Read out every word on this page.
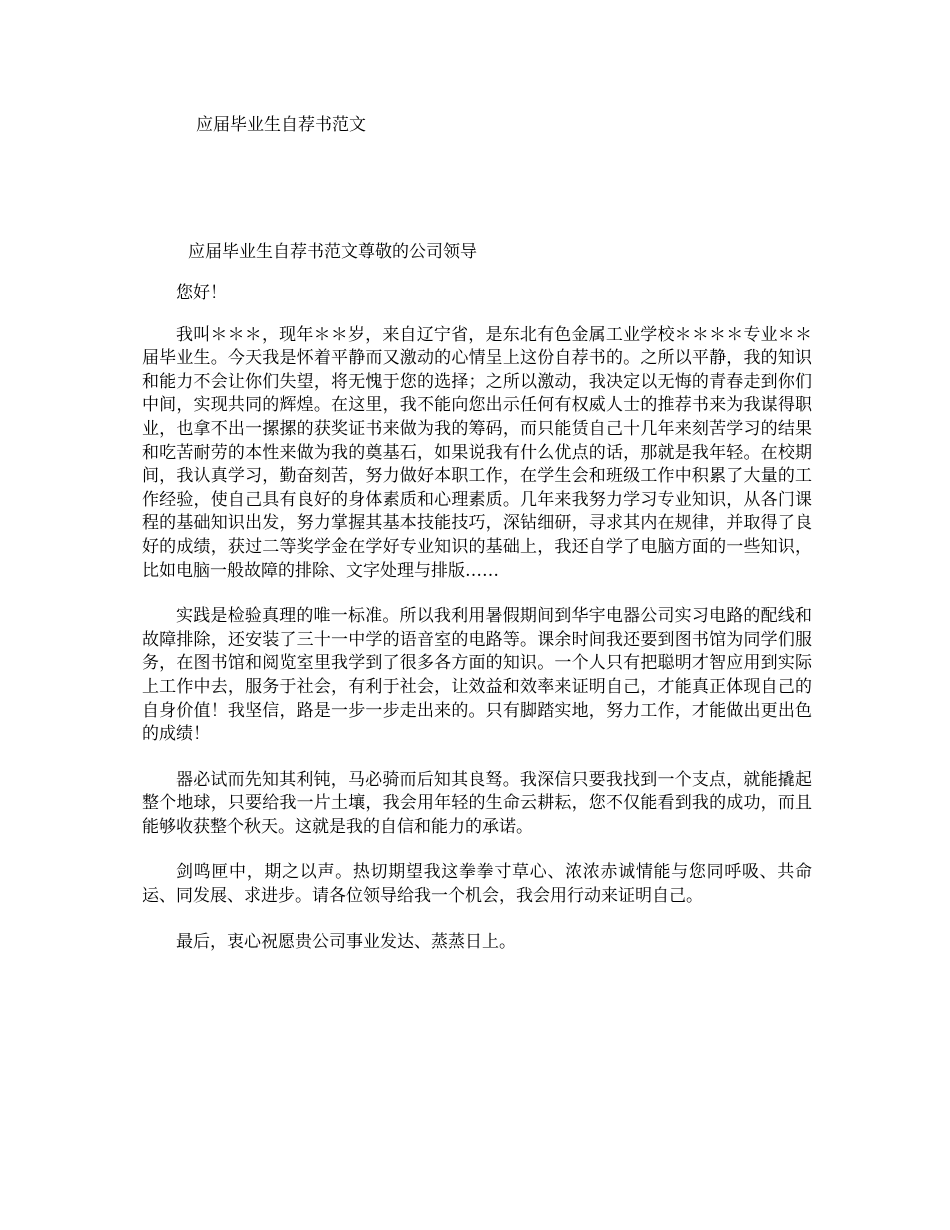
应届毕业生自荐书范文
应届毕业生自荐书范文尊敬的公司领导

您好！

我叫＊＊＊，现年＊＊岁，来自辽宁省，是东北有色金属工业学校＊＊＊＊专业＊＊届毕业生。今天我是怀着平静而又激动的心情呈上这份自荐书的。之所以平静，我的知识和能力不会让你们失望，将无愧于您的选择；之所以激动，我决定以无悔的青春走到你们中间，实现共同的辉煌。在这里，我不能向您出示任何有权威人士的推荐书来为我谋得职业，也拿不出一摞摞的获奖证书来做为我的筹码，而只能赁自己十几年来刻苦学习的结果和吃苦耐劳的本性来做为我的奠基石，如果说我有什么优点的话，那就是我年轻。在校期间，我认真学习，勤奋刻苦，努力做好本职工作，在学生会和班级工作中积累了大量的工作经验，使自己具有良好的身体素质和心理素质。几年来我努力学习专业知识，从各门课程的基础知识出发，努力掌握其基本技能技巧，深钻细研，寻求其内在规律，并取得了良好的成绩，获过二等奖学金在学好专业知识的基础上，我还自学了电脑方面的一些知识，比如电脑一般故障的排除、文字处理与排版……

实践是检验真理的唯一标准。所以我利用暑假期间到华宇电器公司实习电路的配线和故障排除，还安装了三十一中学的语音室的电路等。课余时间我还要到图书馆为同学们服务，在图书馆和阅览室里我学到了很多各方面的知识。一个人只有把聪明才智应用到实际上工作中去，服务于社会，有利于社会，让效益和效率来证明自己，才能真正体现自己的自身价值！我坚信，路是一步一步走出来的。只有脚踏实地，努力工作，才能做出更出色的成绩！

器必试而先知其利钝，马必骑而后知其良驽。我深信只要我找到一个支点，就能撬起整个地球，只要给我一片土壤，我会用年轻的生命云耕耘，您不仅能看到我的成功，而且能够收获整个秋天。这就是我的自信和能力的承诺。

剑鸣匣中，期之以声。热切期望我这拳拳寸草心、浓浓赤诚情能与您同呼吸、共命运、同发展、求进步。请各位领导给我一个机会，我会用行动来证明自己。

最后，衷心祝愿贵公司事业发达、蒸蒸日上。
